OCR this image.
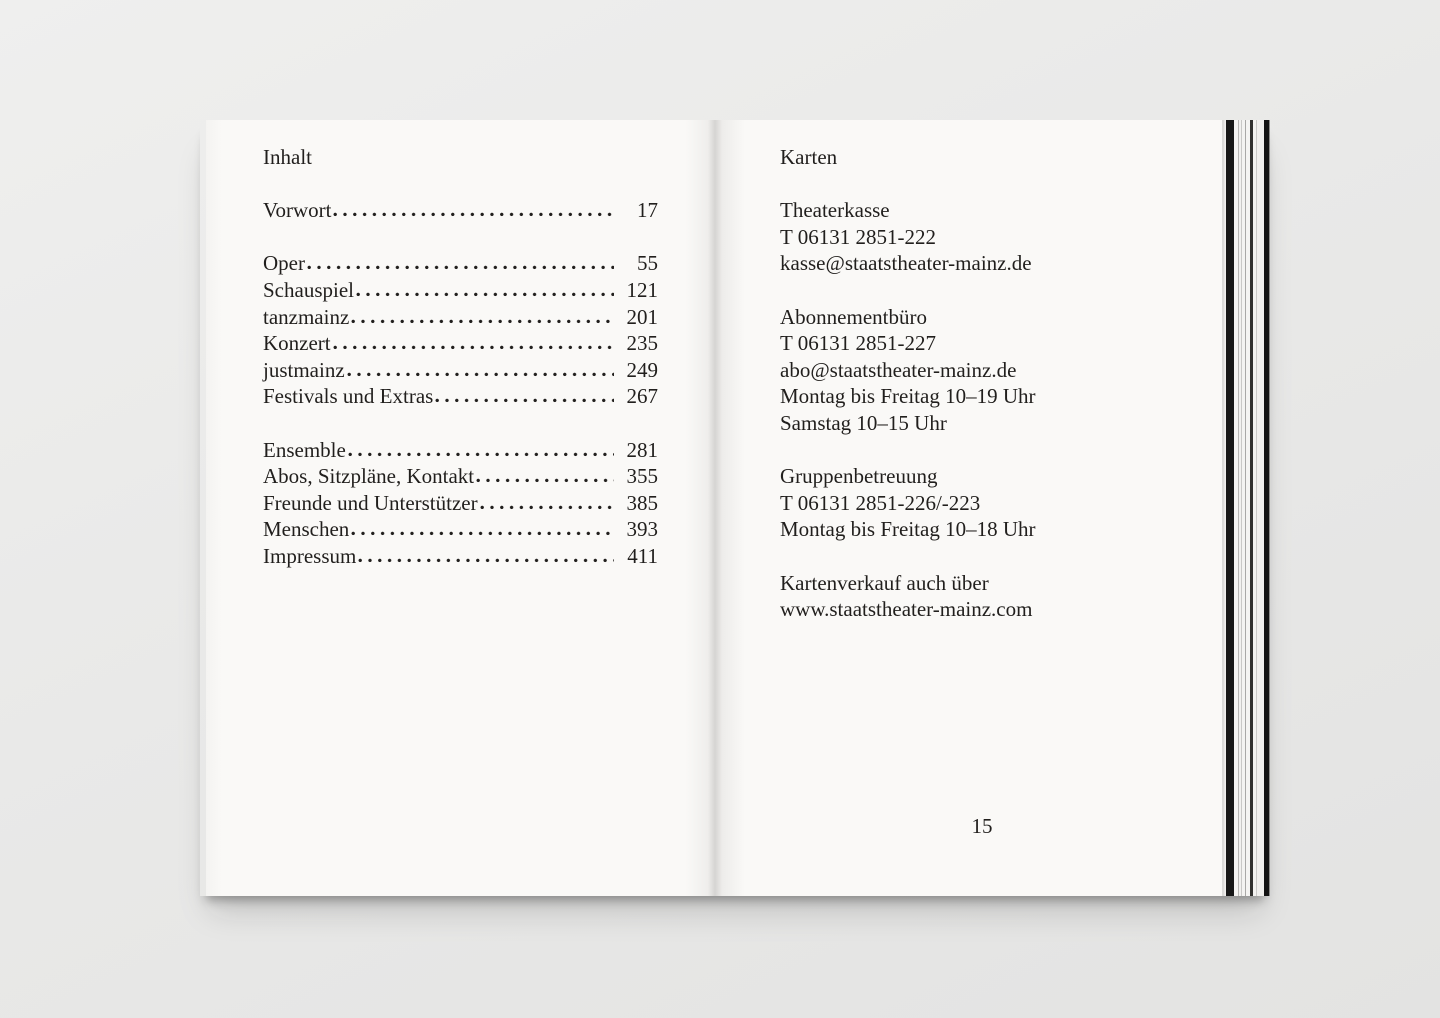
Inhalt
Vorwort	17
Oper	55
Schauspiel	121
tanzmainz	201
Konzert	235
justmainz	249
Festivals und Extras	267
Ensemble	281
Abos, Sitzpläne, Kontakt	355
Freunde und Unterstützer	385
Menschen	393
Impressum	411
Karten
Theaterkasse
T 06131 2851-222
kasse@staatstheater-mainz.de
Abonnementbüro
T 06131 2851-227
abo@staatstheater-mainz.de
Montag bis Freitag 10–19 Uhr
Samstag 10–15 Uhr
Gruppenbetreuung
T 06131 2851-226/-223
Montag bis Freitag 10–18 Uhr
Kartenverkauf auch über
www.staatstheater-mainz.com
15
